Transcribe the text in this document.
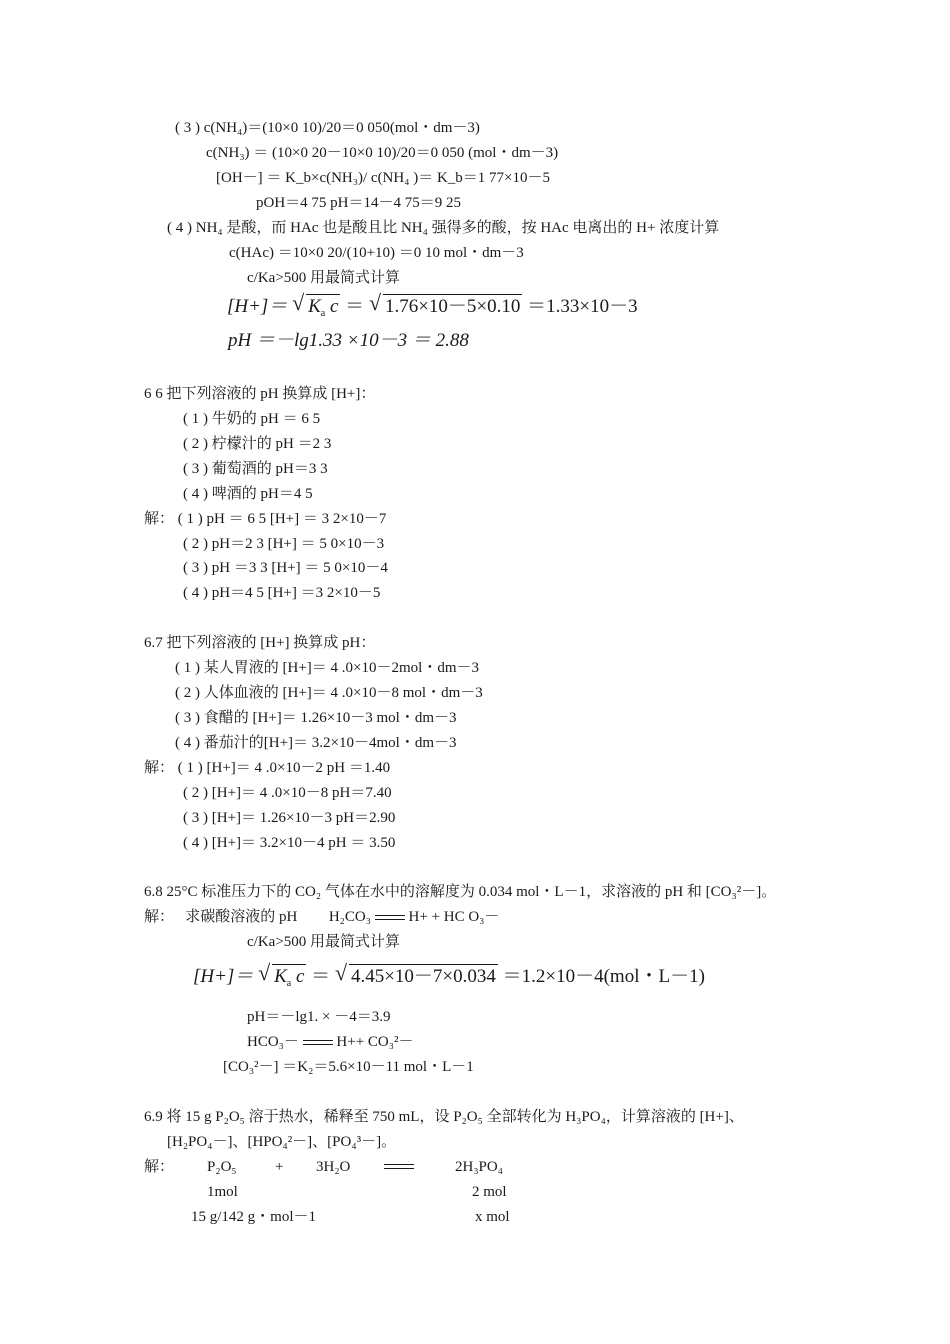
( 3 ) c(NH₄)＝(10×0 10)/20＝0 050(mol・dm－3)
c(NH₃) ＝ (10×0 20－10×0 10)/20＝0 050 (mol・dm－3)
[OH－] ＝ K_b×c(NH₃)/ c(NH₄ )＝ K_b＝1 77×10－5
pOH＝4 75 pH＝14－4 75＝9 25
( 4 ) NH₄ 是酸，而 HAc 也是酸且比 NH₄ 强得多的酸，按 HAc 电离出的 H+ 浓度计算
c(HAc) ＝10×0 20/(10+10) ＝0 10 mol・dm－3
c/Ka>500 用最简式计算
6 6 把下列溶液的 pH 换算成 [H+]：
( 1 ) 牛奶的 pH ＝ 6 5
( 2 ) 柠檬汁的 pH ＝2 3
( 3 ) 葡萄酒的 pH＝3 3
( 4 ) 啤酒的 pH＝4 5
解： ( 1 ) pH ＝ 6 5 [H+] ＝ 3 2×10－7
( 2 ) pH＝2 3 [H+] ＝ 5 0×10－3
( 3 ) pH ＝3 3 [H+] ＝ 5 0×10－4
( 4 ) pH＝4 5 [H+] ＝3 2×10－5
6.7 把下列溶液的 [H+] 换算成 pH：
( 1 ) 某人胃液的 [H+]＝ 4 .0×10－2mol・dm－3
( 2 ) 人体血液的 [H+]＝ 4 .0×10－8 mol・dm－3
( 3 ) 食醋的 [H+]＝ 1.26×10－3 mol・dm－3
( 4 ) 番茄汁的[H+]＝ 3.2×10－4mol・dm－3
解： ( 1 ) [H+]＝ 4 .0×10－2 pH ＝1.40
( 2 ) [H+]＝ 4 .0×10－8 pH＝7.40
( 3 ) [H+]＝ 1.26×10－3 pH＝2.90
( 4 ) [H+]＝ 3.2×10－4 pH ＝ 3.50
6.8 25°C 标准压力下的 CO₂ 气体在水中的溶解度为 0.034 mol・L－1，求溶液的 pH 和 [CO₃²－]。
c/Ka>500 用最简式计算
pH＝－lg1. × －4＝3.9
[CO₃²－] ＝K₂＝5.6×10－11 mol・L－1
6.9 将 15 g P₂O₅ 溶于热水，稀释至 750 mL，设 P₂O₅ 全部转化为 H₃PO₄，计算溶液的 [H+]、
[H₂PO₄－]、[HPO₄²－]、[PO₄³－]。
1mol	2 mol
15 g/142 g・mol－1	x mol
[H+]＝ √ $K_a$ c ＝ √ 1.76×10－5×0.10 ＝1.33×10－3
pH ＝－lg1.33 ×10－3 ＝ 2.88
解：   求碳酸溶液的 pH H₂CO₃	H+ + HC O₃－
[H+]＝ √ $K_a$ c ＝ √ 4.45×10－7×0.034 ＝1.2×10－4(mol・L－1)
HCO₃－	H++ CO₃²－
解： P₂O₅	+ 3H₂O	2H₃PO₄
